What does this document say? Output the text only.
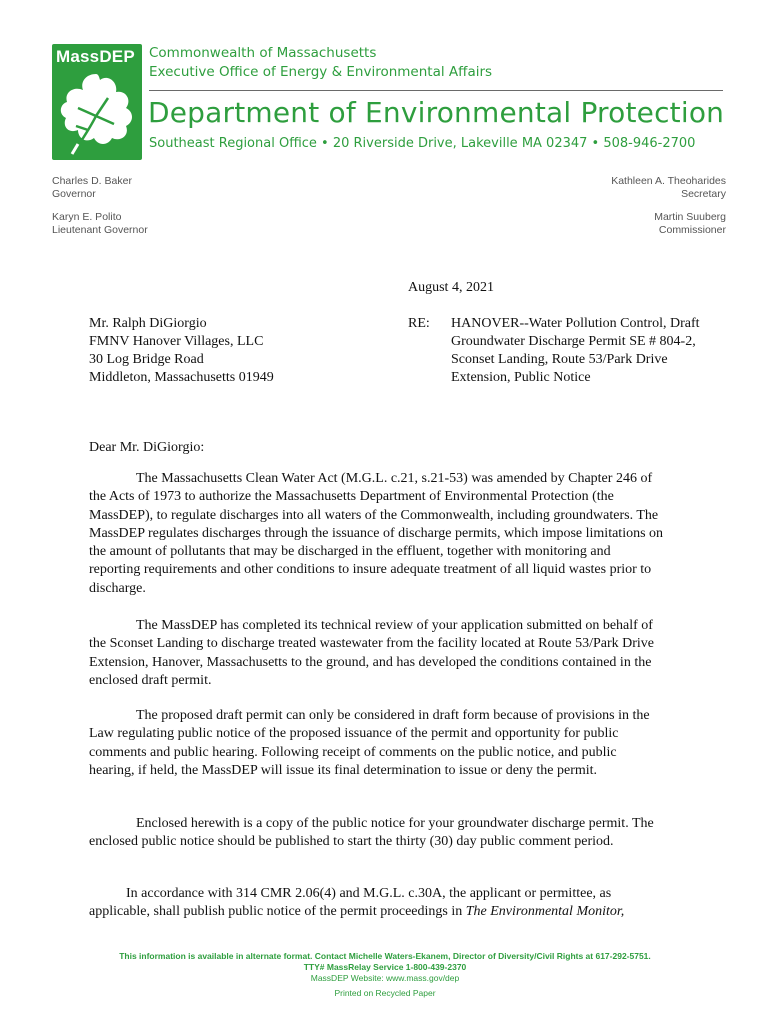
MassDEP Commonwealth of Massachusetts
Executive Office of Energy & Environmental Affairs
Department of Environmental Protection
Southeast Regional Office • 20 Riverside Drive, Lakeville MA 02347 • 508-946-2700
Charles D. Baker
Governor
Karyn E. Polito
Lieutenant Governor
Kathleen A. Theoharides
Secretary
Martin Suuberg
Commissioner
August 4, 2021
Mr. Ralph DiGiorgio
FMNV Hanover Villages, LLC
30 Log Bridge Road
Middleton, Massachusetts 01949
RE: HANOVER--Water Pollution Control, Draft Groundwater Discharge Permit SE # 804-2, Sconset Landing, Route 53/Park Drive Extension, Public Notice
Dear Mr. DiGiorgio:
The Massachusetts Clean Water Act (M.G.L. c.21, s.21-53) was amended by Chapter 246 of the Acts of 1973 to authorize the Massachusetts Department of Environmental Protection (the MassDEP), to regulate discharges into all waters of the Commonwealth, including groundwaters. The MassDEP regulates discharges through the issuance of discharge permits, which impose limitations on the amount of pollutants that may be discharged in the effluent, together with monitoring and reporting requirements and other conditions to insure adequate treatment of all liquid wastes prior to discharge.
The MassDEP has completed its technical review of your application submitted on behalf of the Sconset Landing to discharge treated wastewater from the facility located at Route 53/Park Drive Extension, Hanover, Massachusetts to the ground, and has developed the conditions contained in the enclosed draft permit.
The proposed draft permit can only be considered in draft form because of provisions in the Law regulating public notice of the proposed issuance of the permit and opportunity for public comments and public hearing. Following receipt of comments on the public notice, and public hearing, if held, the MassDEP will issue its final determination to issue or deny the permit.
Enclosed herewith is a copy of the public notice for your groundwater discharge permit. The enclosed public notice should be published to start the thirty (30) day public comment period.
In accordance with 314 CMR 2.06(4) and M.G.L. c.30A, the applicant or permittee, as applicable, shall publish public notice of the permit proceedings in The Environmental Monitor,
This information is available in alternate format. Contact Michelle Waters-Ekanem, Director of Diversity/Civil Rights at 617-292-5751.
TTY# MassRelay Service 1-800-439-2370
MassDEP Website: www.mass.gov/dep
Printed on Recycled Paper
